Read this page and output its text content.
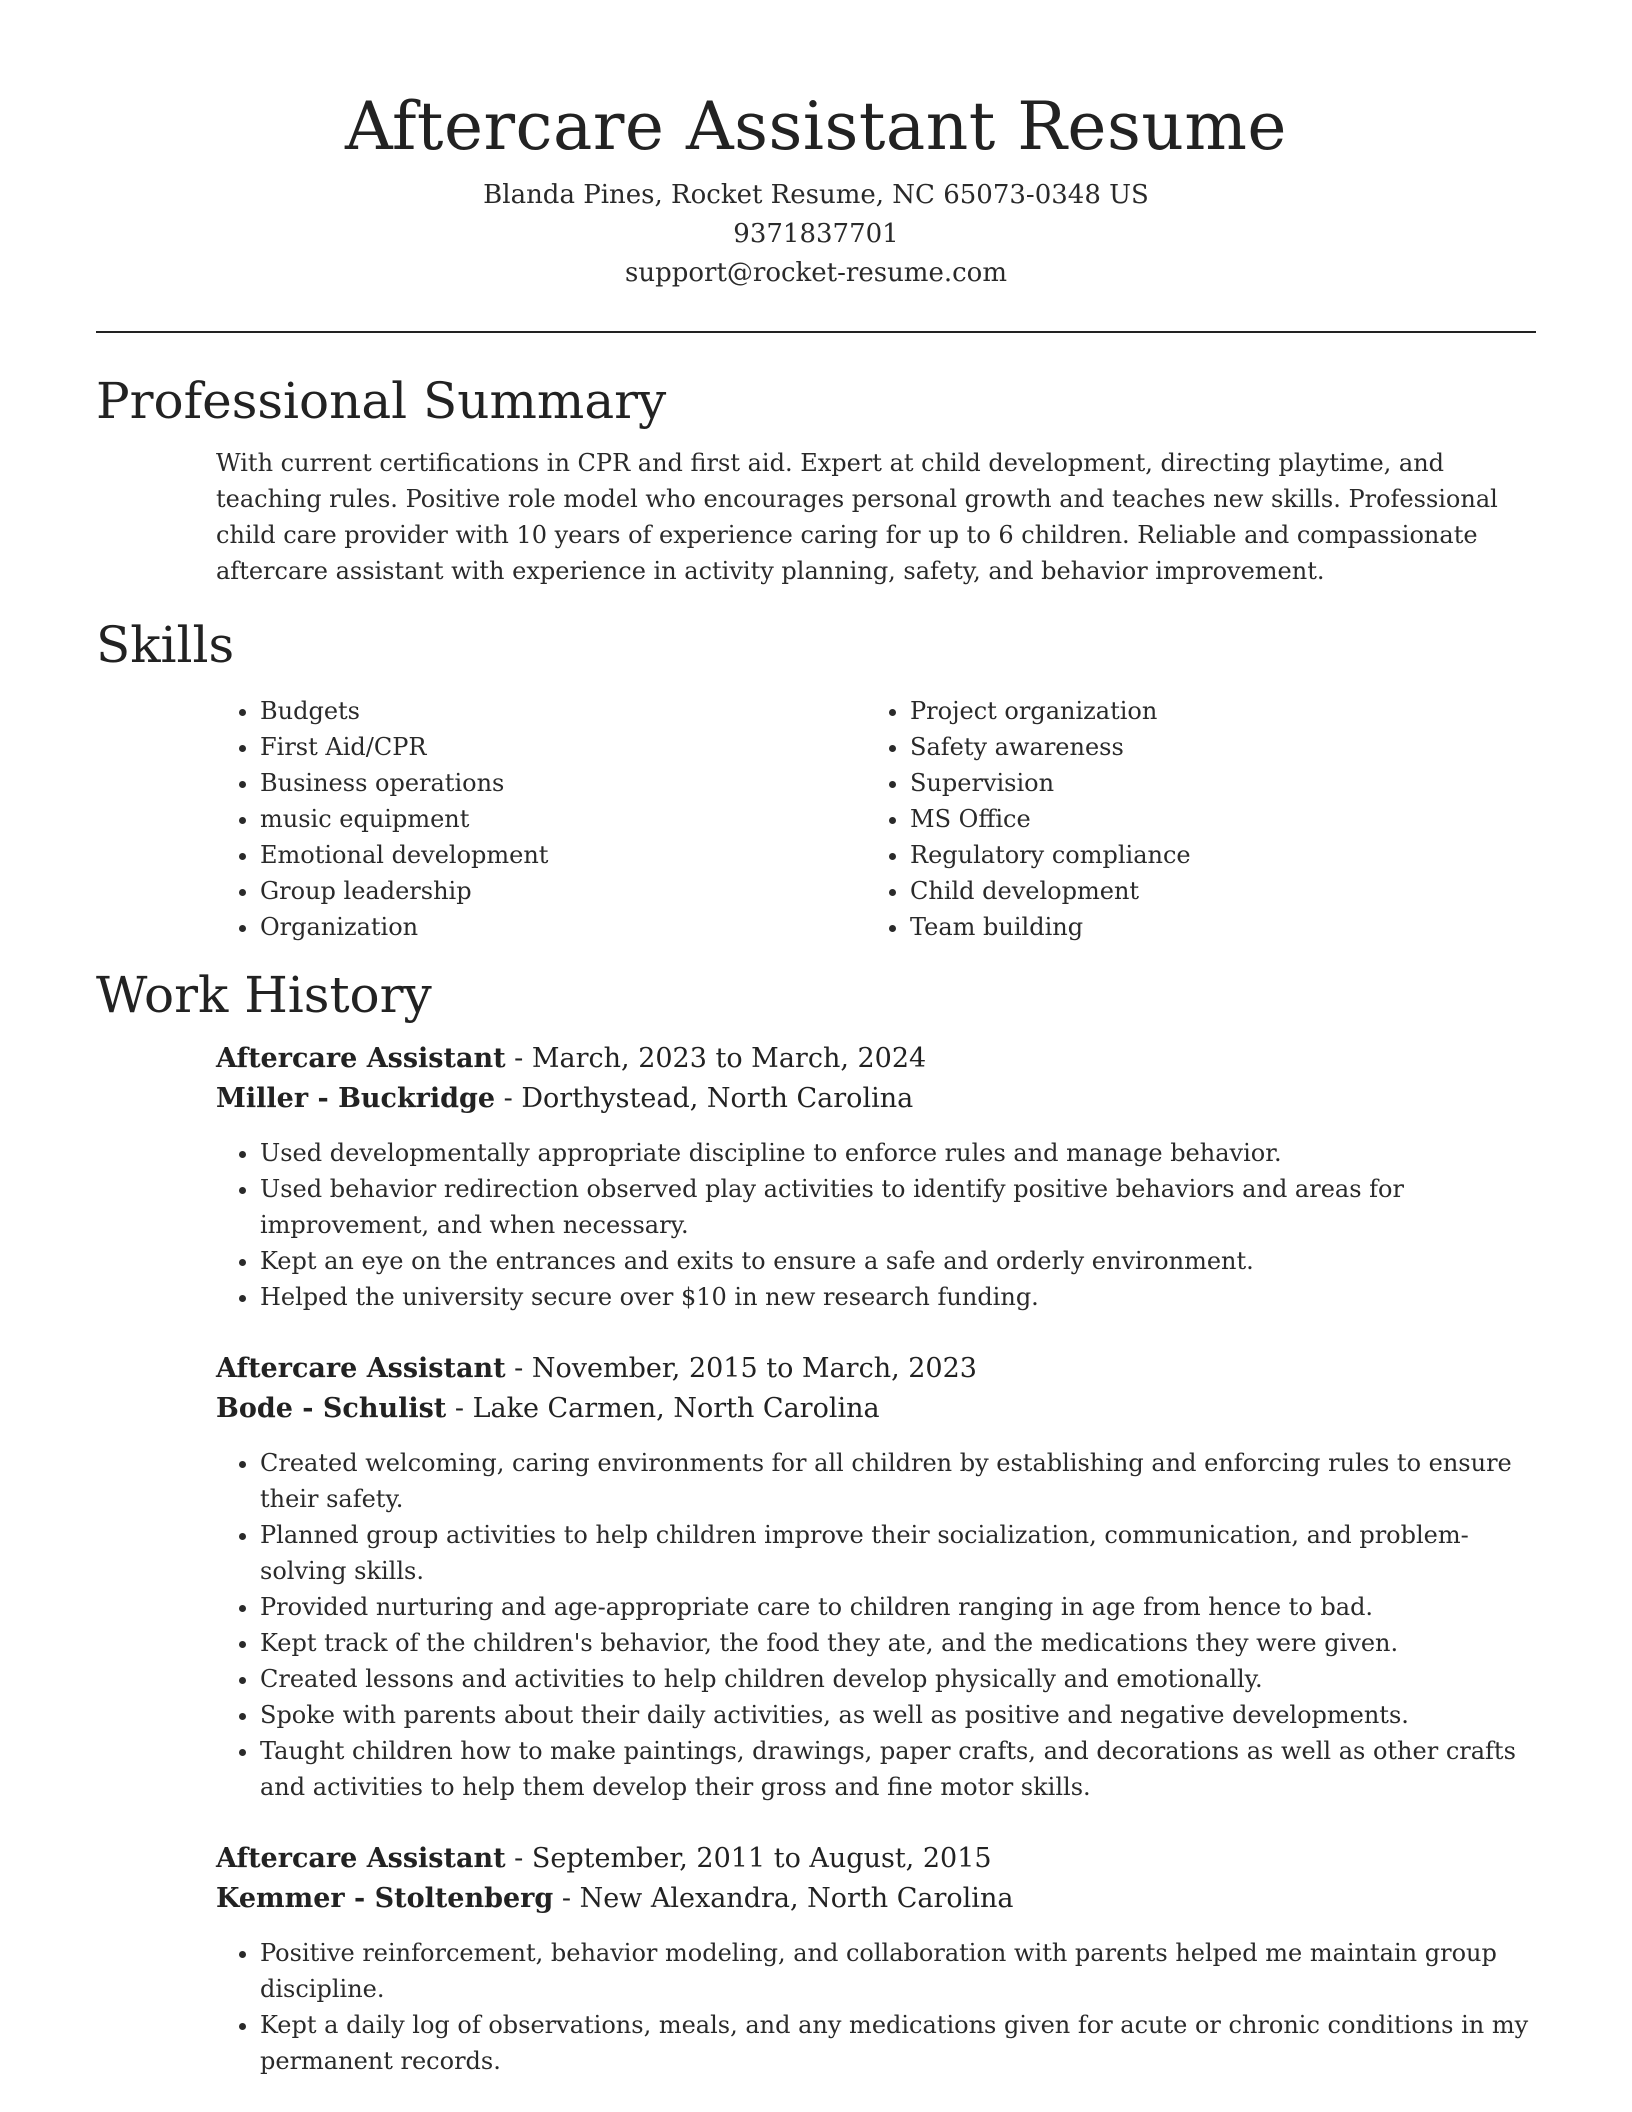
Aftercare Assistant Resume
Blanda Pines, Rocket Resume, NC 65073-0348 US
9371837701
support@rocket-resume.com
Professional Summary

With current certifications in CPR and first aid. Expert at child development, directing playtime, and teaching rules. Positive role model who encourages personal growth and teaches new skills. Professional child care provider with 10 years of experience caring for up to 6 children. Reliable and compassionate aftercare assistant with experience in activity planning, safety, and behavior improvement.

Skills
• Budgets
• First Aid/CPR
• Business operations
• music equipment
• Emotional development
• Group leadership
• Organization
• Project organization
• Safety awareness
• Supervision
• MS Office
• Regulatory compliance
• Child development
• Team building
Work History
Aftercare Assistant - March, 2023 to March, 2024
Miller - Buckridge - Dorthystead, North Carolina
• Used developmentally appropriate discipline to enforce rules and manage behavior.
• Used behavior redirection observed play activities to identify positive behaviors and areas for improvement, and when necessary.
• Kept an eye on the entrances and exits to ensure a safe and orderly environment.
• Helped the university secure over $10 in new research funding.
Aftercare Assistant - November, 2015 to March, 2023
Bode - Schulist - Lake Carmen, North Carolina
• Created welcoming, caring environments for all children by establishing and enforcing rules to ensure their safety.
• Planned group activities to help children improve their socialization, communication, and problem-solving skills.
• Provided nurturing and age-appropriate care to children ranging in age from hence to bad.
• Kept track of the children's behavior, the food they ate, and the medications they were given.
• Created lessons and activities to help children develop physically and emotionally.
• Spoke with parents about their daily activities, as well as positive and negative developments.
• Taught children how to make paintings, drawings, paper crafts, and decorations as well as other crafts and activities to help them develop their gross and fine motor skills.
Aftercare Assistant - September, 2011 to August, 2015
Kemmer - Stoltenberg - New Alexandra, North Carolina
• Positive reinforcement, behavior modeling, and collaboration with parents helped me maintain group discipline.
• Kept a daily log of observations, meals, and any medications given for acute or chronic conditions in my permanent records.
